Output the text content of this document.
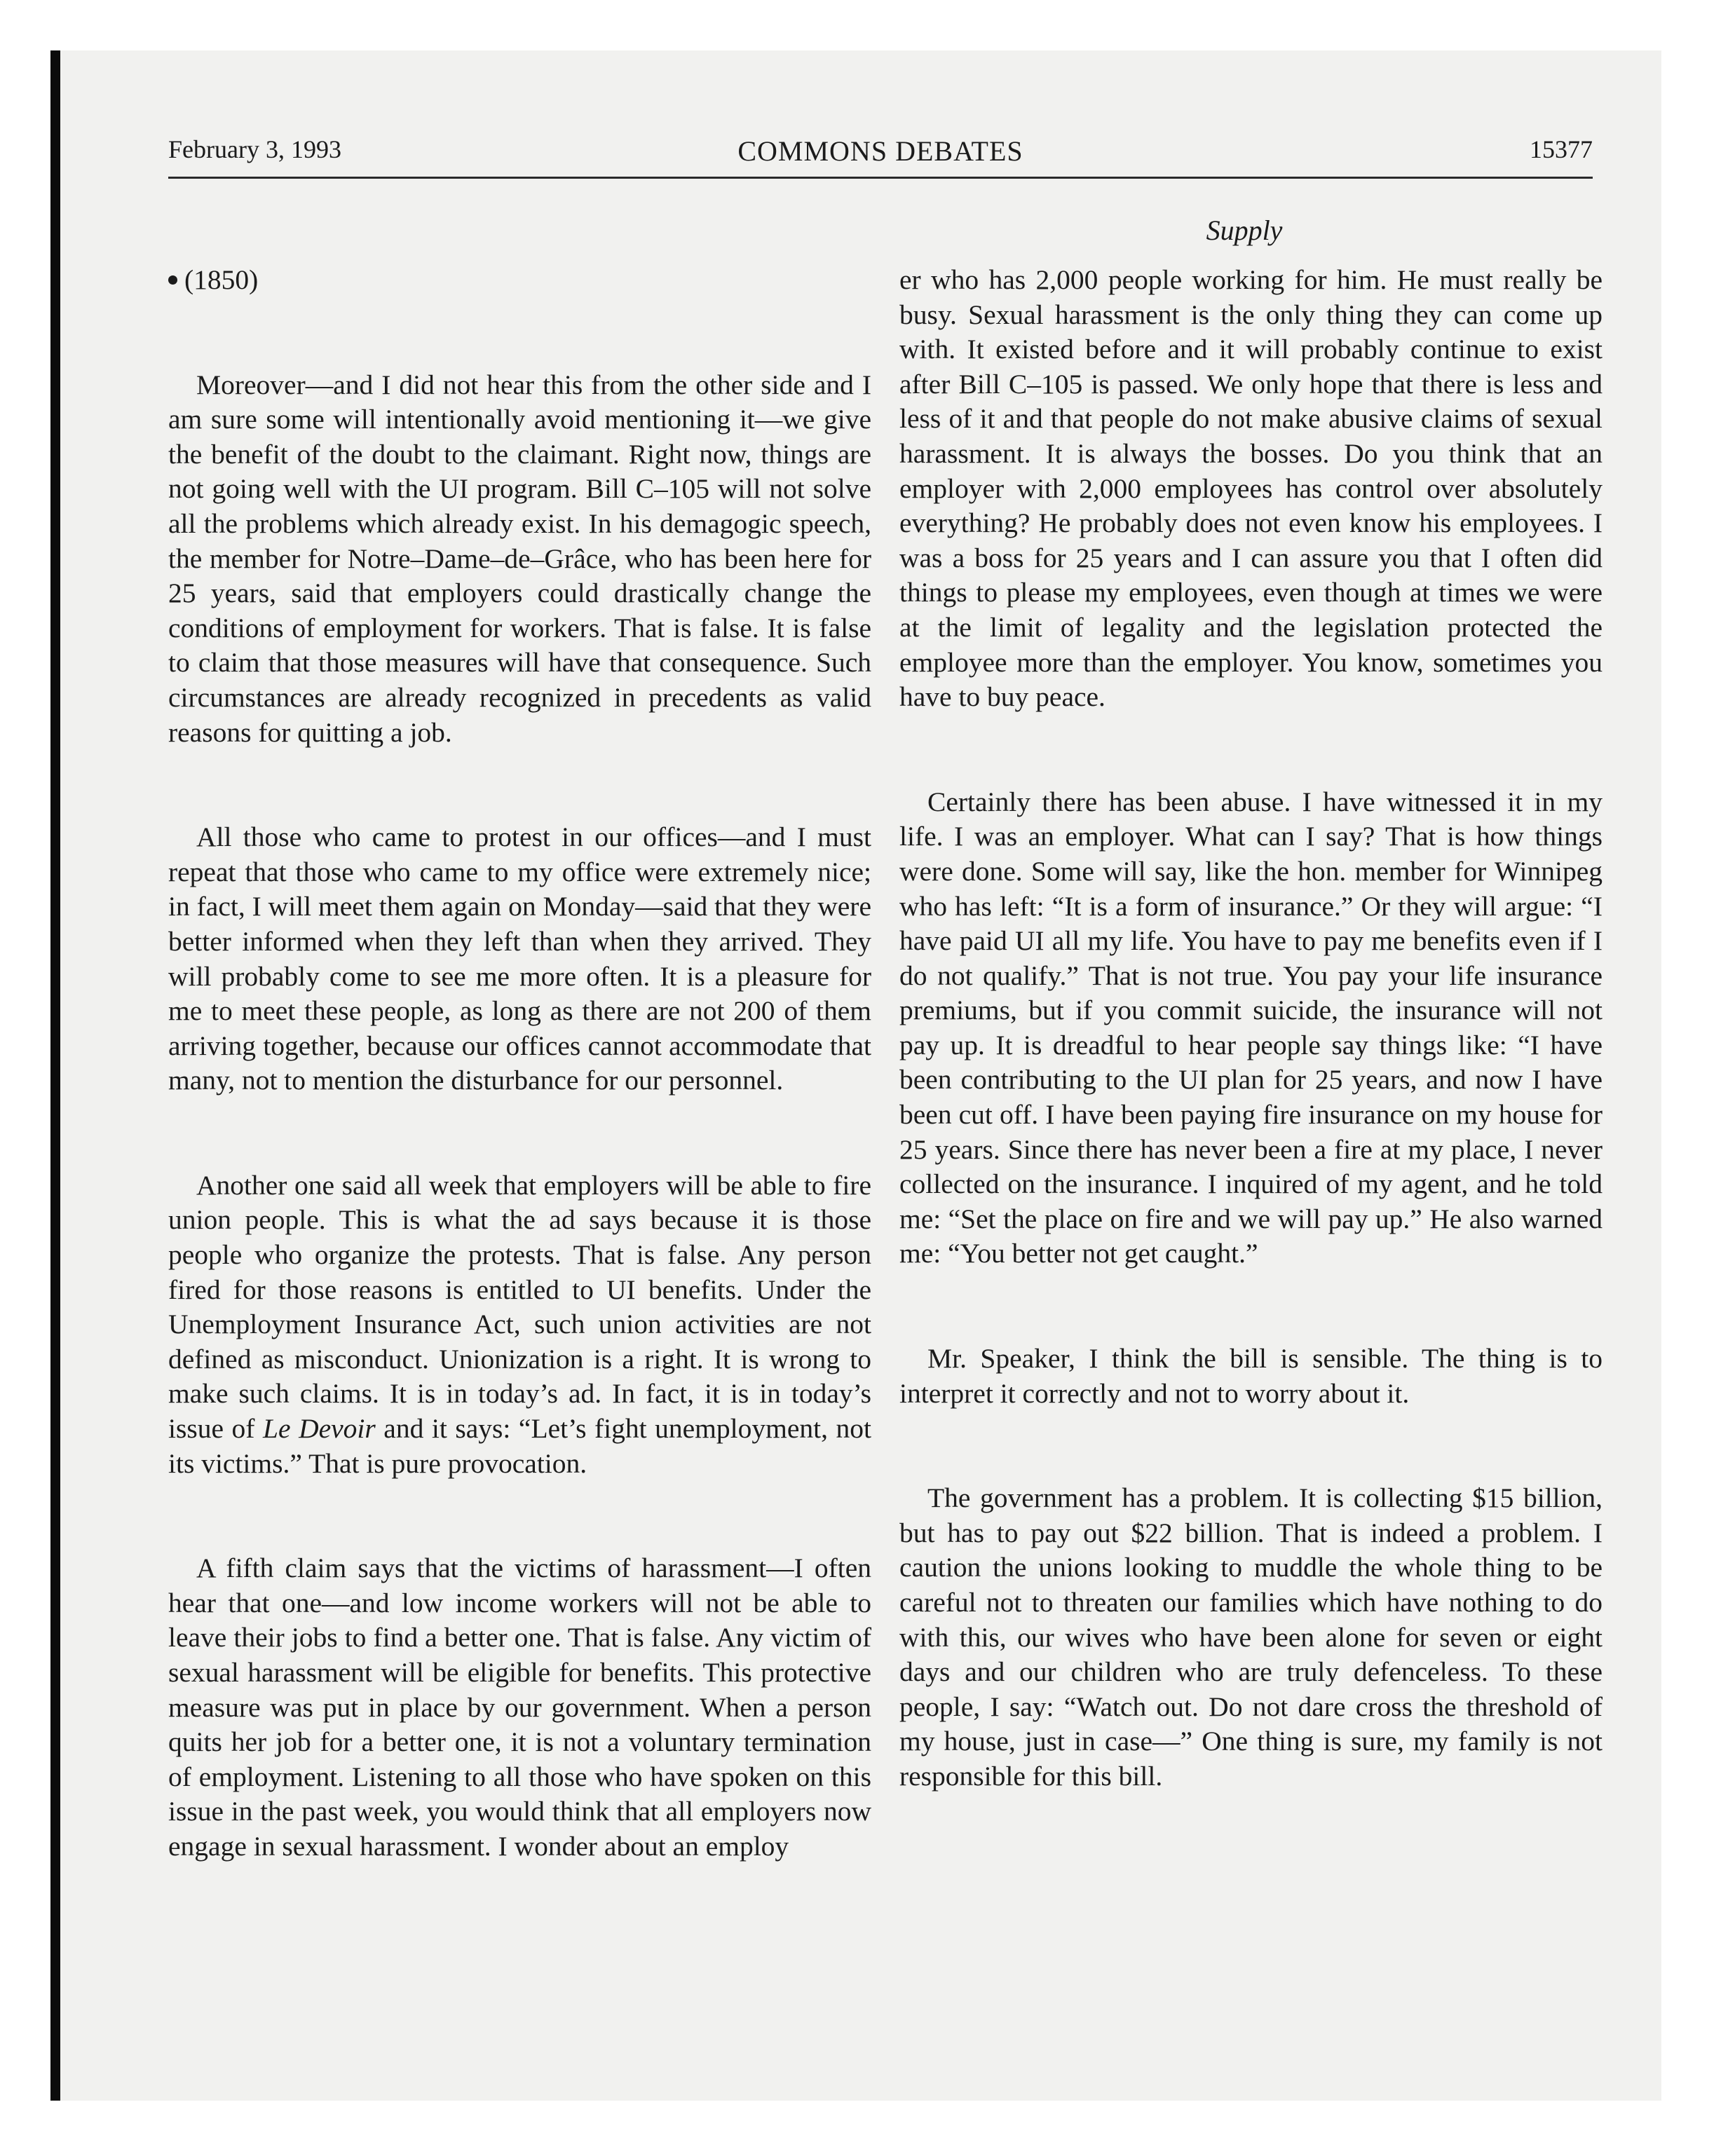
February 3, 1993	COMMONS DEBATES	15377
Supply
(1850)

Moreover—and I did not hear this from the other side and I am sure some will intentionally avoid mentioning it—we give the benefit of the doubt to the claimant. Right now, things are not going well with the UI program. Bill C–105 will not solve all the problems which already exist. In his demagogic speech, the member for Notre–Dame–de–Grâce, who has been here for 25 years, said that employers could drastically change the conditions of employment for workers. That is false. It is false to claim that those measures will have that consequence. Such circumstances are already recognized in precedents as valid reasons for quitting a job.

All those who came to protest in our offices—and I must repeat that those who came to my office were extremely nice; in fact, I will meet them again on Monday—said that they were better informed when they left than when they arrived. They will probably come to see me more often. It is a pleasure for me to meet these people, as long as there are not 200 of them arriving together, because our offices cannot accommodate that many, not to mention the disturbance for our personnel.

Another one said all week that employers will be able to fire union people. This is what the ad says because it is those people who organize the protests. That is false. Any person fired for those reasons is entitled to UI benefits. Under the Unemployment Insurance Act, such union activities are not defined as misconduct. Unionization is a right. It is wrong to make such claims. It is in today’s ad. In fact, it is in today’s issue of Le Devoir and it says: “Let’s fight unemployment, not its victims.” That is pure provocation.

A fifth claim says that the victims of harassment—I often hear that one—and low income workers will not be able to leave their jobs to find a better one. That is false. Any victim of sexual harassment will be eligible for benefits. This protective measure was put in place by our government. When a person quits her job for a better one, it is not a voluntary termination of employment. Listening to all those who have spoken on this issue in the past week, you would think that all employers now engage in sexual harassment. I wonder about an employ

er who has 2,000 people working for him. He must really be busy. Sexual harassment is the only thing they can come up with. It existed before and it will probably continue to exist after Bill C–105 is passed. We only hope that there is less and less of it and that people do not make abusive claims of sexual harassment. It is always the bosses. Do you think that an employer with 2,000 employees has control over absolutely everything? He probably does not even know his employees. I was a boss for 25 years and I can assure you that I often did things to please my employees, even though at times we were at the limit of legality and the legislation protected the employee more than the employer. You know, sometimes you have to buy peace.

Certainly there has been abuse. I have witnessed it in my life. I was an employer. What can I say? That is how things were done. Some will say, like the hon. member for Winnipeg who has left: “It is a form of insurance.” Or they will argue: “I have paid UI all my life. You have to pay me benefits even if I do not qualify.” That is not true. You pay your life insurance premiums, but if you commit suicide, the insurance will not pay up. It is dreadful to hear people say things like: “I have been contributing to the UI plan for 25 years, and now I have been cut off. I have been paying fire insurance on my house for 25 years. Since there has never been a fire at my place, I never collected on the insurance. I inquired of my agent, and he told me: “Set the place on fire and we will pay up.” He also warned me: “You better not get caught.”

Mr. Speaker, I think the bill is sensible. The thing is to interpret it correctly and not to worry about it.

The government has a problem. It is collecting $15 billion, but has to pay out $22 billion. That is indeed a problem. I caution the unions looking to muddle the whole thing to be careful not to threaten our families which have nothing to do with this, our wives who have been alone for seven or eight days and our children who are truly defenceless. To these people, I say: “Watch out. Do not dare cross the threshold of my house, just in case—” One thing is sure, my family is not responsible for this bill.
